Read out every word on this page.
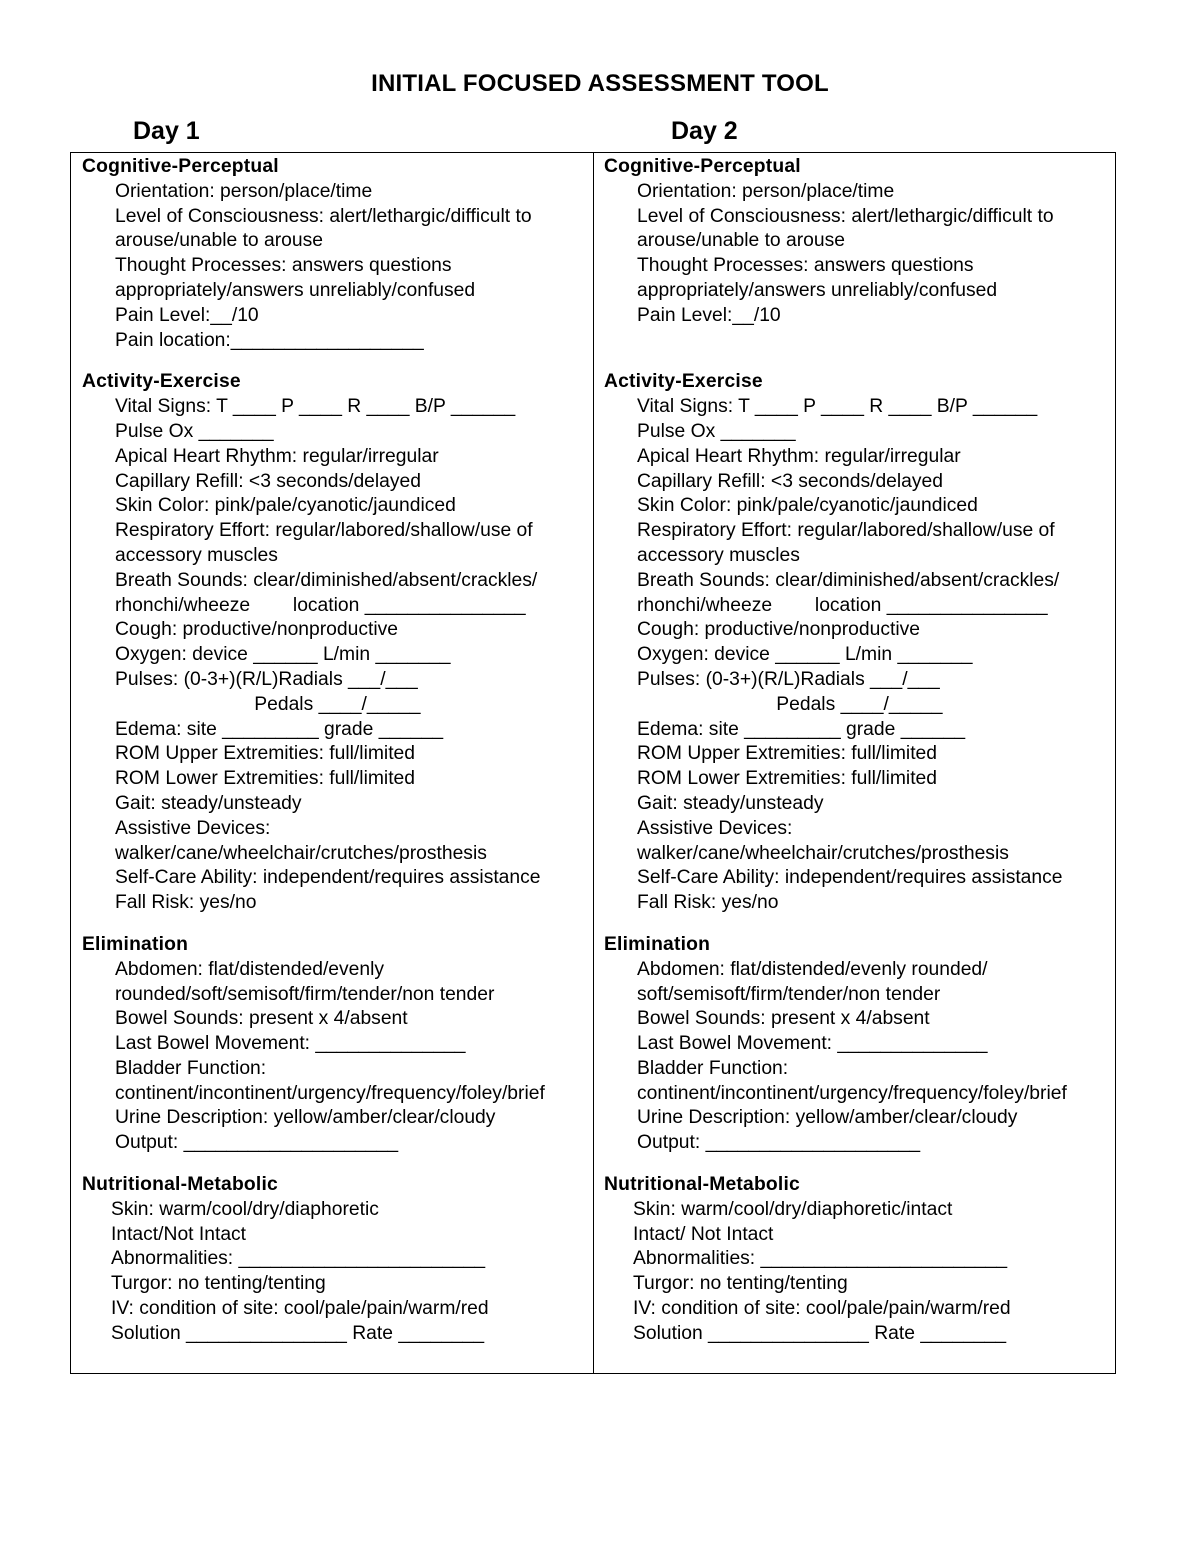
INITIAL FOCUSED ASSESSMENT TOOL
Day 1	Day 2
Cognitive-Perceptual
Orientation: person/place/time
Level of Consciousness: alert/lethargic/difficult to
arouse/unable to arouse
Thought Processes: answers questions
appropriately/answers unreliably/confused
Pain Level:__/10
Pain location:__________________
Activity-Exercise
Vital Signs: T ____ P ____ R ____ B/P ______
Pulse Ox _______
Apical Heart Rhythm: regular/irregular
Capillary Refill: <3 seconds/delayed
Skin Color: pink/pale/cyanotic/jaundiced
Respiratory Effort: regular/labored/shallow/use of
accessory muscles
Breath Sounds: clear/diminished/absent/crackles/
rhonchi/wheeze        location _______________
Cough: productive/nonproductive
Oxygen: device ______ L/min _______
Pulses: (0-3+)(R/L)Radials ___/___
Pedals ____/_____
Edema: site _________ grade ______
ROM Upper Extremities: full/limited
ROM Lower Extremities: full/limited
Gait: steady/unsteady
Assistive Devices:
walker/cane/wheelchair/crutches/prosthesis
Self-Care Ability: independent/requires assistance
Fall Risk: yes/no
Elimination
Abdomen: flat/distended/evenly
rounded/soft/semisoft/firm/tender/non tender
Bowel Sounds: present x 4/absent
Last Bowel Movement: ______________
Bladder Function:
continent/incontinent/urgency/frequency/foley/brief
Urine Description: yellow/amber/clear/cloudy
Output: ____________________
Nutritional-Metabolic
Skin: warm/cool/dry/diaphoretic
Intact/Not Intact
Abnormalities: _______________________
Turgor: no tenting/tenting
IV: condition of site: cool/pale/pain/warm/red
Solution _______________ Rate ________
Cognitive-Perceptual
Orientation: person/place/time
Level of Consciousness: alert/lethargic/difficult to
arouse/unable to arouse
Thought Processes: answers questions
appropriately/answers unreliably/confused
Pain Level:__/10

Activity-Exercise
Vital Signs: T ____ P ____ R ____ B/P ______
Pulse Ox _______
Apical Heart Rhythm: regular/irregular
Capillary Refill: <3 seconds/delayed
Skin Color: pink/pale/cyanotic/jaundiced
Respiratory Effort: regular/labored/shallow/use of
accessory muscles
Breath Sounds: clear/diminished/absent/crackles/
rhonchi/wheeze        location _______________
Cough: productive/nonproductive
Oxygen: device ______ L/min _______
Pulses: (0-3+)(R/L)Radials ___/___
Pedals ____/_____
Edema: site _________ grade ______
ROM Upper Extremities: full/limited
ROM Lower Extremities: full/limited
Gait: steady/unsteady
Assistive Devices:
walker/cane/wheelchair/crutches/prosthesis
Self-Care Ability: independent/requires assistance
Fall Risk: yes/no
Elimination
Abdomen: flat/distended/evenly rounded/
soft/semisoft/firm/tender/non tender
Bowel Sounds: present x 4/absent
Last Bowel Movement: ______________
Bladder Function:
continent/incontinent/urgency/frequency/foley/brief
Urine Description: yellow/amber/clear/cloudy
Output: ____________________
Nutritional-Metabolic
Skin: warm/cool/dry/diaphoretic/intact
Intact/ Not Intact
Abnormalities: _______________________
Turgor: no tenting/tenting
IV: condition of site: cool/pale/pain/warm/red
Solution _______________ Rate ________
